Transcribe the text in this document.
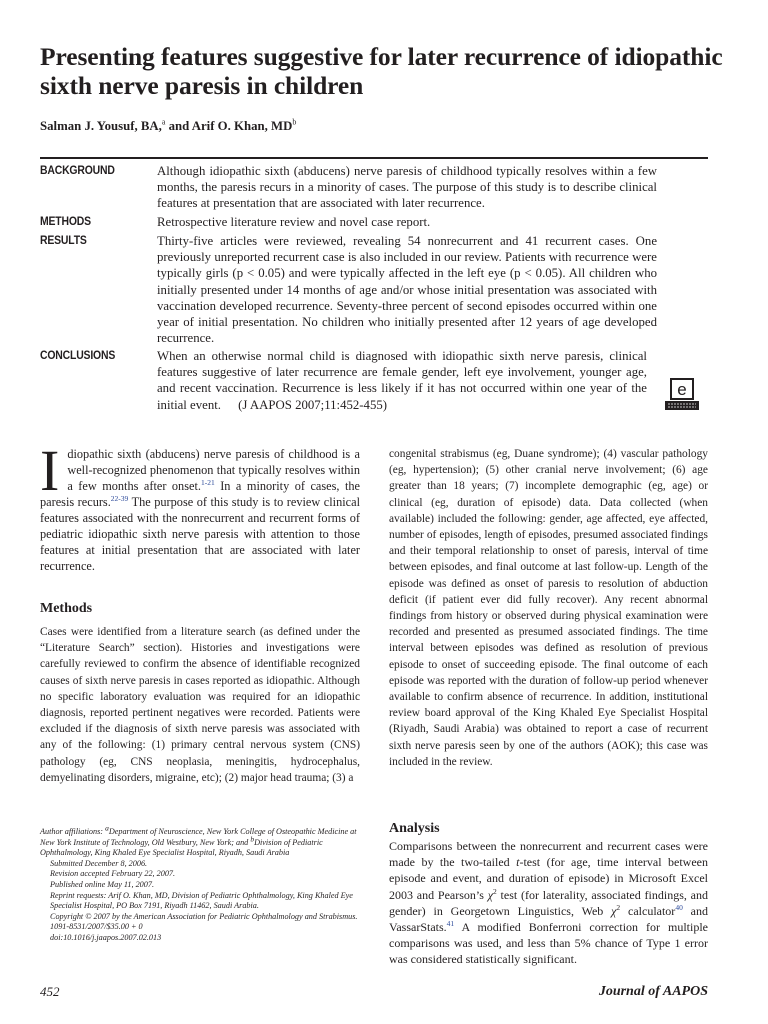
Presenting features suggestive for later recurrence of idiopathic sixth nerve paresis in children
Salman J. Yousuf, BA,$^a$ and Arif O. Khan, $MD^b$
BACKGROUND	Although idiopathic sixth (abducens) nerve paresis of childhood typically resolves within a few months, the paresis recurs in a minority of cases. The purpose of this study is to describe clinical features at presentation that are associated with later recurrence.
METHODS	Retrospective literature review and novel case report.
RESULTS	Thirty-five articles were reviewed, revealing 54 nonrecurrent and 41 recurrent cases. One previously unreported recurrent case is also included in our review. Patients with recurrence were typically girls (p < 0.05) and were typically affected in the left eye (p < 0.05). All children who initially presented under 14 months of age and/or whose initial presentation was associated with vaccination developed recurrence. Seventy-three percent of second episodes occurred within one year of initial presentation. No children who initially presented after 12 years of age developed recurrence.
CONCLUSIONS	When an otherwise normal child is diagnosed with idiopathic sixth nerve paresis, clinical features suggestive of later recurrence are female gender, left eye involvement, younger age, and recent vaccination. Recurrence is less likely if it has not occurred within one year of the initial event. (J AAPOS 2007;11:452-455)
e
Idiopathic sixth (abducens) nerve paresis of childhood is a well-recognized phenomenon that typically resolves within a few months after onset.$^{1-21}$ In a minority of cases, the paresis recurs.$^{22-39}$ The purpose of this study is to review clinical features associated with the nonrecurrent and recurrent forms of pediatric idiopathic sixth nerve paresis with attention to those features at initial presentation that are associated with later recurrence.
Methods
Cases were identified from a literature search (as defined under the “Literature Search” section). Histories and investigations were carefully reviewed to confirm the absence of identifiable recognized causes of sixth nerve paresis in cases reported as idiopathic. Although no specific laboratory evaluation was required for an idiopathic diagnosis, reported pertinent negatives were recorded. Patients were excluded if the diagnosis of sixth nerve paresis was associated with any of the following: (1) primary central nervous system (CNS) pathology (eg, CNS neoplasia, meningitis, hydrocephalus, demyelinating disorders, migraine, etc); (2) major head trauma; (3) a
congenital strabismus (eg, Duane syndrome); (4) vascular pathology (eg, hypertension); (5) other cranial nerve involvement; (6) age greater than 18 years; (7) incomplete demographic (eg, age) or clinical (eg, duration of episode) data. Data collected (when available) included the following: gender, age affected, eye affected, number of episodes, length of episodes, presumed associated findings and their temporal relationship to onset of paresis, interval of time between episodes, and final outcome at last follow-up. Length of the episode was defined as onset of paresis to resolution of abduction deficit (if patient ever did fully recover). Any recent abnormal findings from history or observed during physical examination were recorded and presented as presumed associated findings. The time interval between episodes was defined as resolution of previous episode to onset of succeeding episode. The final outcome of each episode was reported with the duration of follow-up period whenever available to confirm absence of recurrence. In addition, institutional review board approval of the King Khaled Eye Specialist Hospital (Riyadh, Saudi Arabia) was obtained to report a case of recurrent sixth nerve paresis seen by one of the authors (AOK); this case was included in the review.
Analysis
Comparisons between the nonrecurrent and recurrent cases were made by the two-tailed t-test (for age, time interval between episode and event, and duration of episode) in Microsoft Excel 2003 and Pearson’s $\chi^2$ test (for laterality, associated findings, and gender) in Georgetown Linguistics, Web $\chi^2$ calculator$^{40}$ and VassarStats.$^{41}$ A modified Bonferroni correction for multiple comparisons was used, and less than 5% chance of Type 1 error was considered statistically significant.

Author affiliations: $^a$Department of Neuroscience, New York College of Osteopathic Medicine at New York Institute of Technology, Old Westbury, New York; and $^b$Division of Pediatric Ophthalmology, King Khaled Eye Specialist Hospital, Riyadh, Saudi Arabia

Submitted December 8, 2006.

Revision accepted February 22, 2007.

Published online May 11, 2007.

Reprint requests: Arif O. Khan, MD, Division of Pediatric Ophthalmology, King Khaled Eye Specialist Hospital, PO Box 7191, Riyadh 11462, Saudi Arabia.

Copyright © 2007 by the American Association for Pediatric Ophthalmology and Strabismus.

1091-8531/2007/$35.00 + 0

doi:10.1016/j.jaapos.2007.02.013

452	Journal of AAPOS
